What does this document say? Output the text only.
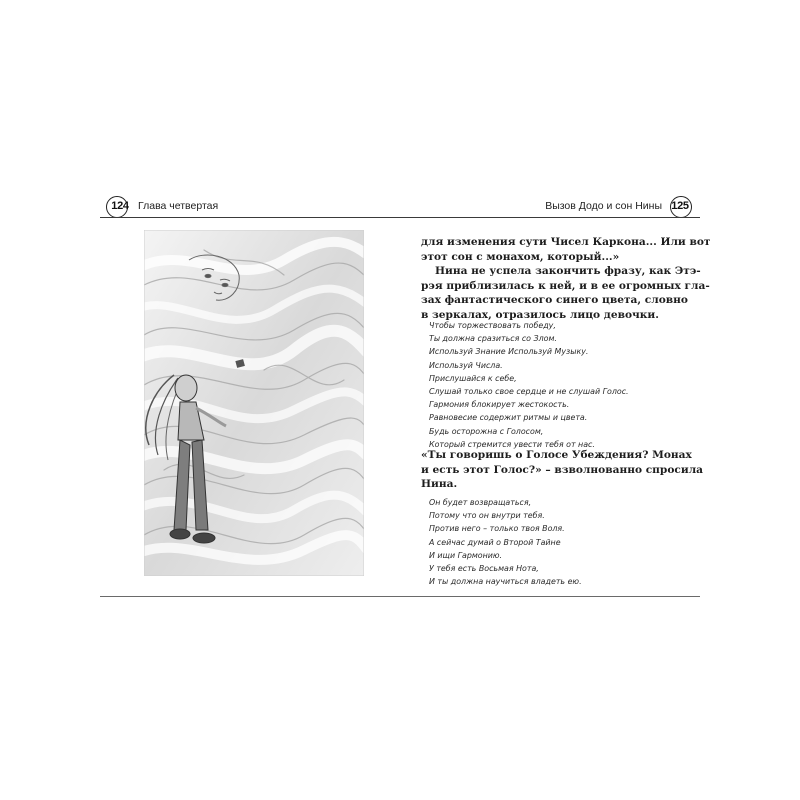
124 Глава четвертая	Вызов Додо и сон Нины 125
для изменения сути Чисел Каркона... Или вот
этот сон с монахом, который...»
Нина не успела закончить фразу, как Этэ-
рэя приблизилась к ней, и в ее огромных гла-
зах фантастического синего цвета, словно
в зеркалах, отразилось лицо девочки.
Чтобы торжествовать победу,
Ты должна сразиться со Злом.
Используй Знание Используй Музыку.
Используй Числа.
Прислушайся к себе,
Слушай только свое сердце и не слушай Голос.
Гармония блокирует жестокость.
Равновесие содержит ритмы и цвета.
Будь осторожна с Голосом,
Который стремится увести тебя от нас.
«Ты говоришь о Голосе Убеждения? Монах
и есть этот Голос?» – взволнованно спросила
Нина.
Он будет возвращаться,
Потому что он внутри тебя.
Против него – только твоя Воля.
А сейчас думай о Второй Тайне
И ищи Гармонию.
У тебя есть Восьмая Нота,
И ты должна научиться владеть ею.
